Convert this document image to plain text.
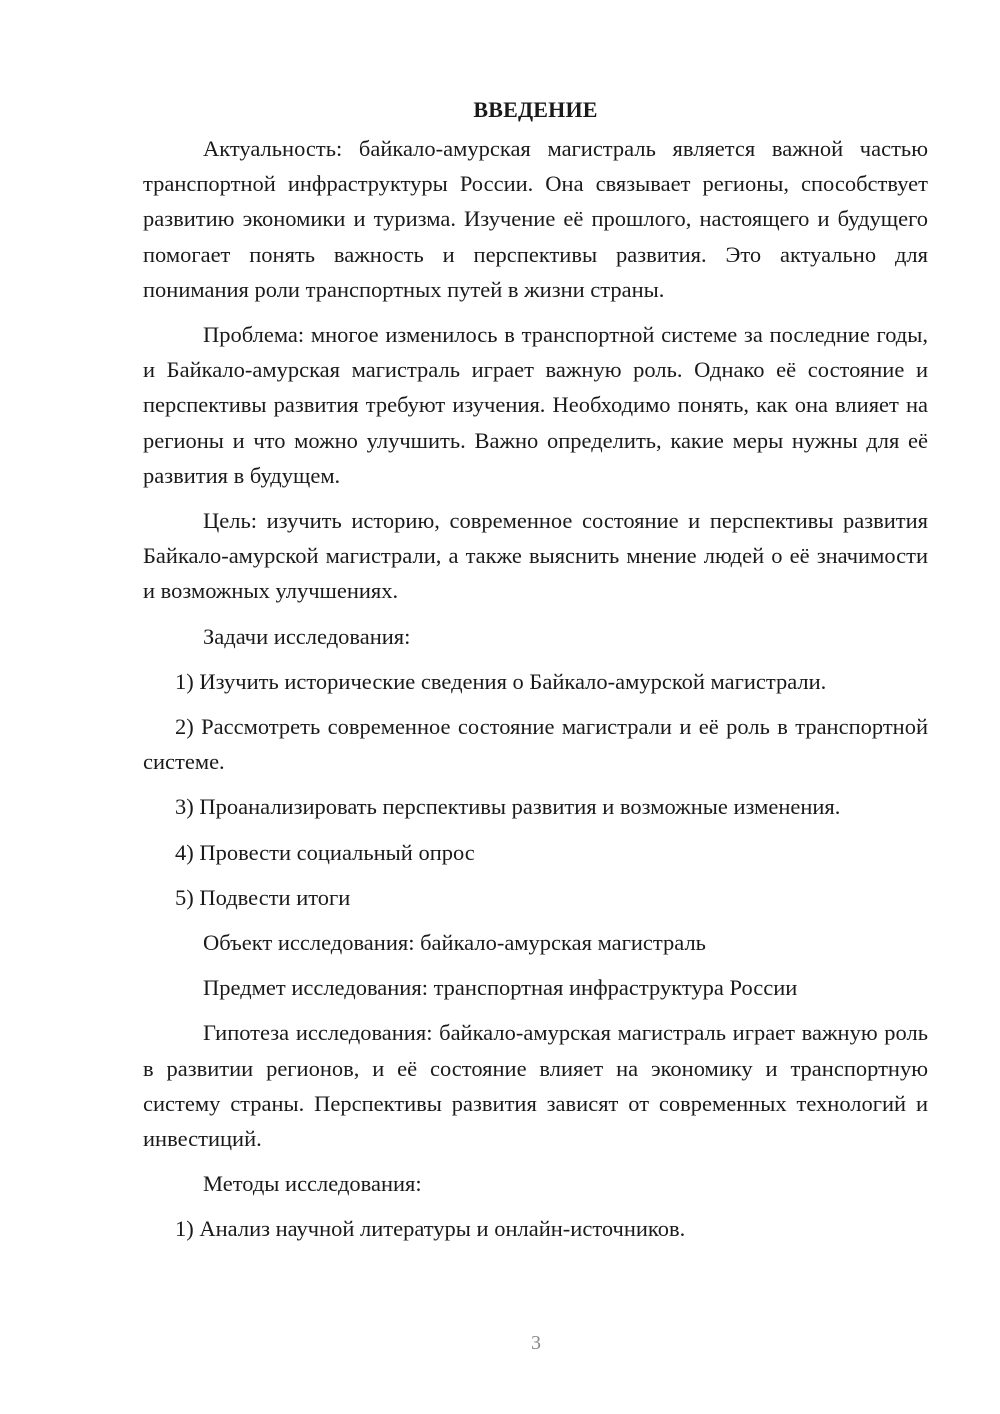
ВВЕДЕНИЕ

Актуальность: байкало-амурская магистраль является важной частью транспортной инфраструктуры России. Она связывает регионы, способствует развитию экономики и туризма. Изучение её прошлого, настоящего и будущего помогает понять важность и перспективы развития. Это актуально для понимания роли транспортных путей в жизни страны.

Проблема: многое изменилось в транспортной системе за последние годы, и Байкало-амурская магистраль играет важную роль. Однако её состояние и перспективы развития требуют изучения. Необходимо понять, как она влияет на регионы и что можно улучшить. Важно определить, какие меры нужны для её развития в будущем.

Цель: изучить историю, современное состояние и перспективы развития Байкало-амурской магистрали, а также выяснить мнение людей о её значимости и возможных улучшениях.

Задачи исследования:

1) Изучить исторические сведения о Байкало-амурской магистрали.

2) Рассмотреть современное состояние магистрали и её роль в транспортной системе.

3) Проанализировать перспективы развития и возможные изменения.

4) Провести социальный опрос

5) Подвести итоги

Объект исследования: байкало-амурская магистраль

Предмет исследования: транспортная инфраструктура России

Гипотеза исследования: байкало-амурская магистраль играет важную роль в развитии регионов, и её состояние влияет на экономику и транспортную систему страны. Перспективы развития зависят от современных технологий и инвестиций.

Методы исследования:

1) Анализ научной литературы и онлайн-источников.

3
